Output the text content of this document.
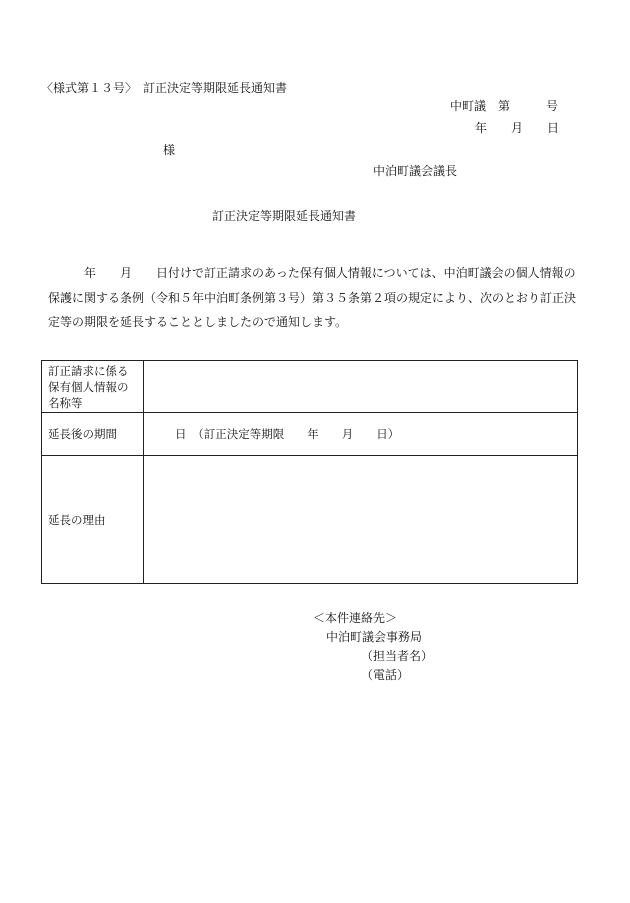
〈様式第１３号〉　訂正決定等期限延長通知書
中町議　第　　　号
年　　月　　日
様
中泊町議会議長
訂正決定等期限延長通知書
年　　月　　日付けで訂正請求のあった保有個人情報については、中泊町議会の個人情報の
保護に関する条例（令和５年中泊町条例第３号）第３５条第２項の規定により、次のとおり訂正決
定等の期限を延長することとしましたので通知します。
訂正請求に係る
保有個人情報の
名称等	

延長後の期間	日　（訂正決定等期限　　年　　月　　日）
延長の理由	
＜本件連絡先＞
中泊町議会事務局
（担当者名）
（電話）
